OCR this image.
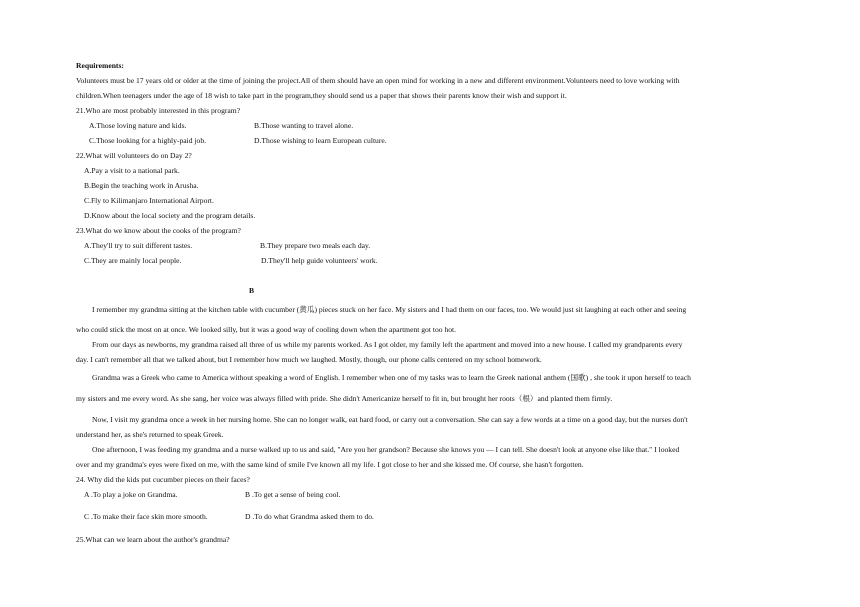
Requirements:
Volunteers must be 17 years old or older at the time of joining the project.All of them should have an open mind for working in a new and different environment.Volunteers need to love working with
children.When teenagers under the age of 18 wish to take part in the program,they should send us a paper that shows their parents know their wish and support it.
21.Who are most probably interested in this program?
A.Those loving nature and kids.	B.Those wanting to travel alone.
C.Those looking for a highly-paid job.	D.Those wishing to learn European culture.
22.What will volunteers do on Day 2?
A.Pay a visit to a national park.
B.Begin the teaching work in Arusha.
C.Fly to Kilimanjaro International Airport.
D.Know about the local society and the program details.
23.What do we know about the cooks of the program?
A.They'll try to suit different tastes.	B.They prepare two meals each day.
C.They are mainly local people.	D.They'll help guide volunteers' work.
B
I remember my grandma sitting at the kitchen table with cucumber (黄瓜) pieces stuck on her face. My sisters and I had them on our faces, too. We would just sit laughing at each other and seeing
who could stick the most on at once. We looked silly, but it was a good way of cooling down when the apartment got too hot.
From our days as newborns, my grandma raised all three of us while my parents worked. As I got older, my family left the apartment and moved into a new house. I called my grandparents every
day. I can't remember all that we talked about, but I remember how much we laughed. Mostly, though, our phone calls centered on my school homework.
Grandma was a Greek who came to America without speaking a word of English. I remember when one of my tasks was to learn the Greek national anthem (国歌) , she took it upon herself to teach
my sisters and me every word. As she sang, her voice was always filled with pride. She didn't Americanize herself to fit in, but brought her roots（根）and planted them firmly.
Now, I visit my grandma once a week in her nursing home. She can no longer walk, eat hard food, or carry out a conversation. She can say a few words at a time on a good day, but the nurses don't
understand her, as she's returned to speak Greek.
One afternoon, I was feeding my grandma and a nurse walked up to us and said, "Are you her grandson? Because she knows you — I can tell. She doesn't look at anyone else like that." I looked
over and my grandma's eyes were fixed on me, with the same kind of smile I've known all my life. I got close to her and she kissed me. Of course, she hasn't forgotten.
24. Why did the kids put cucumber pieces on their faces?
A .To play a joke on Grandma.	B .To get a sense of being cool.
C .To make their face skin more smooth.	D .To do what Grandma asked them to do.
25.What can we learn about the author's grandma?
